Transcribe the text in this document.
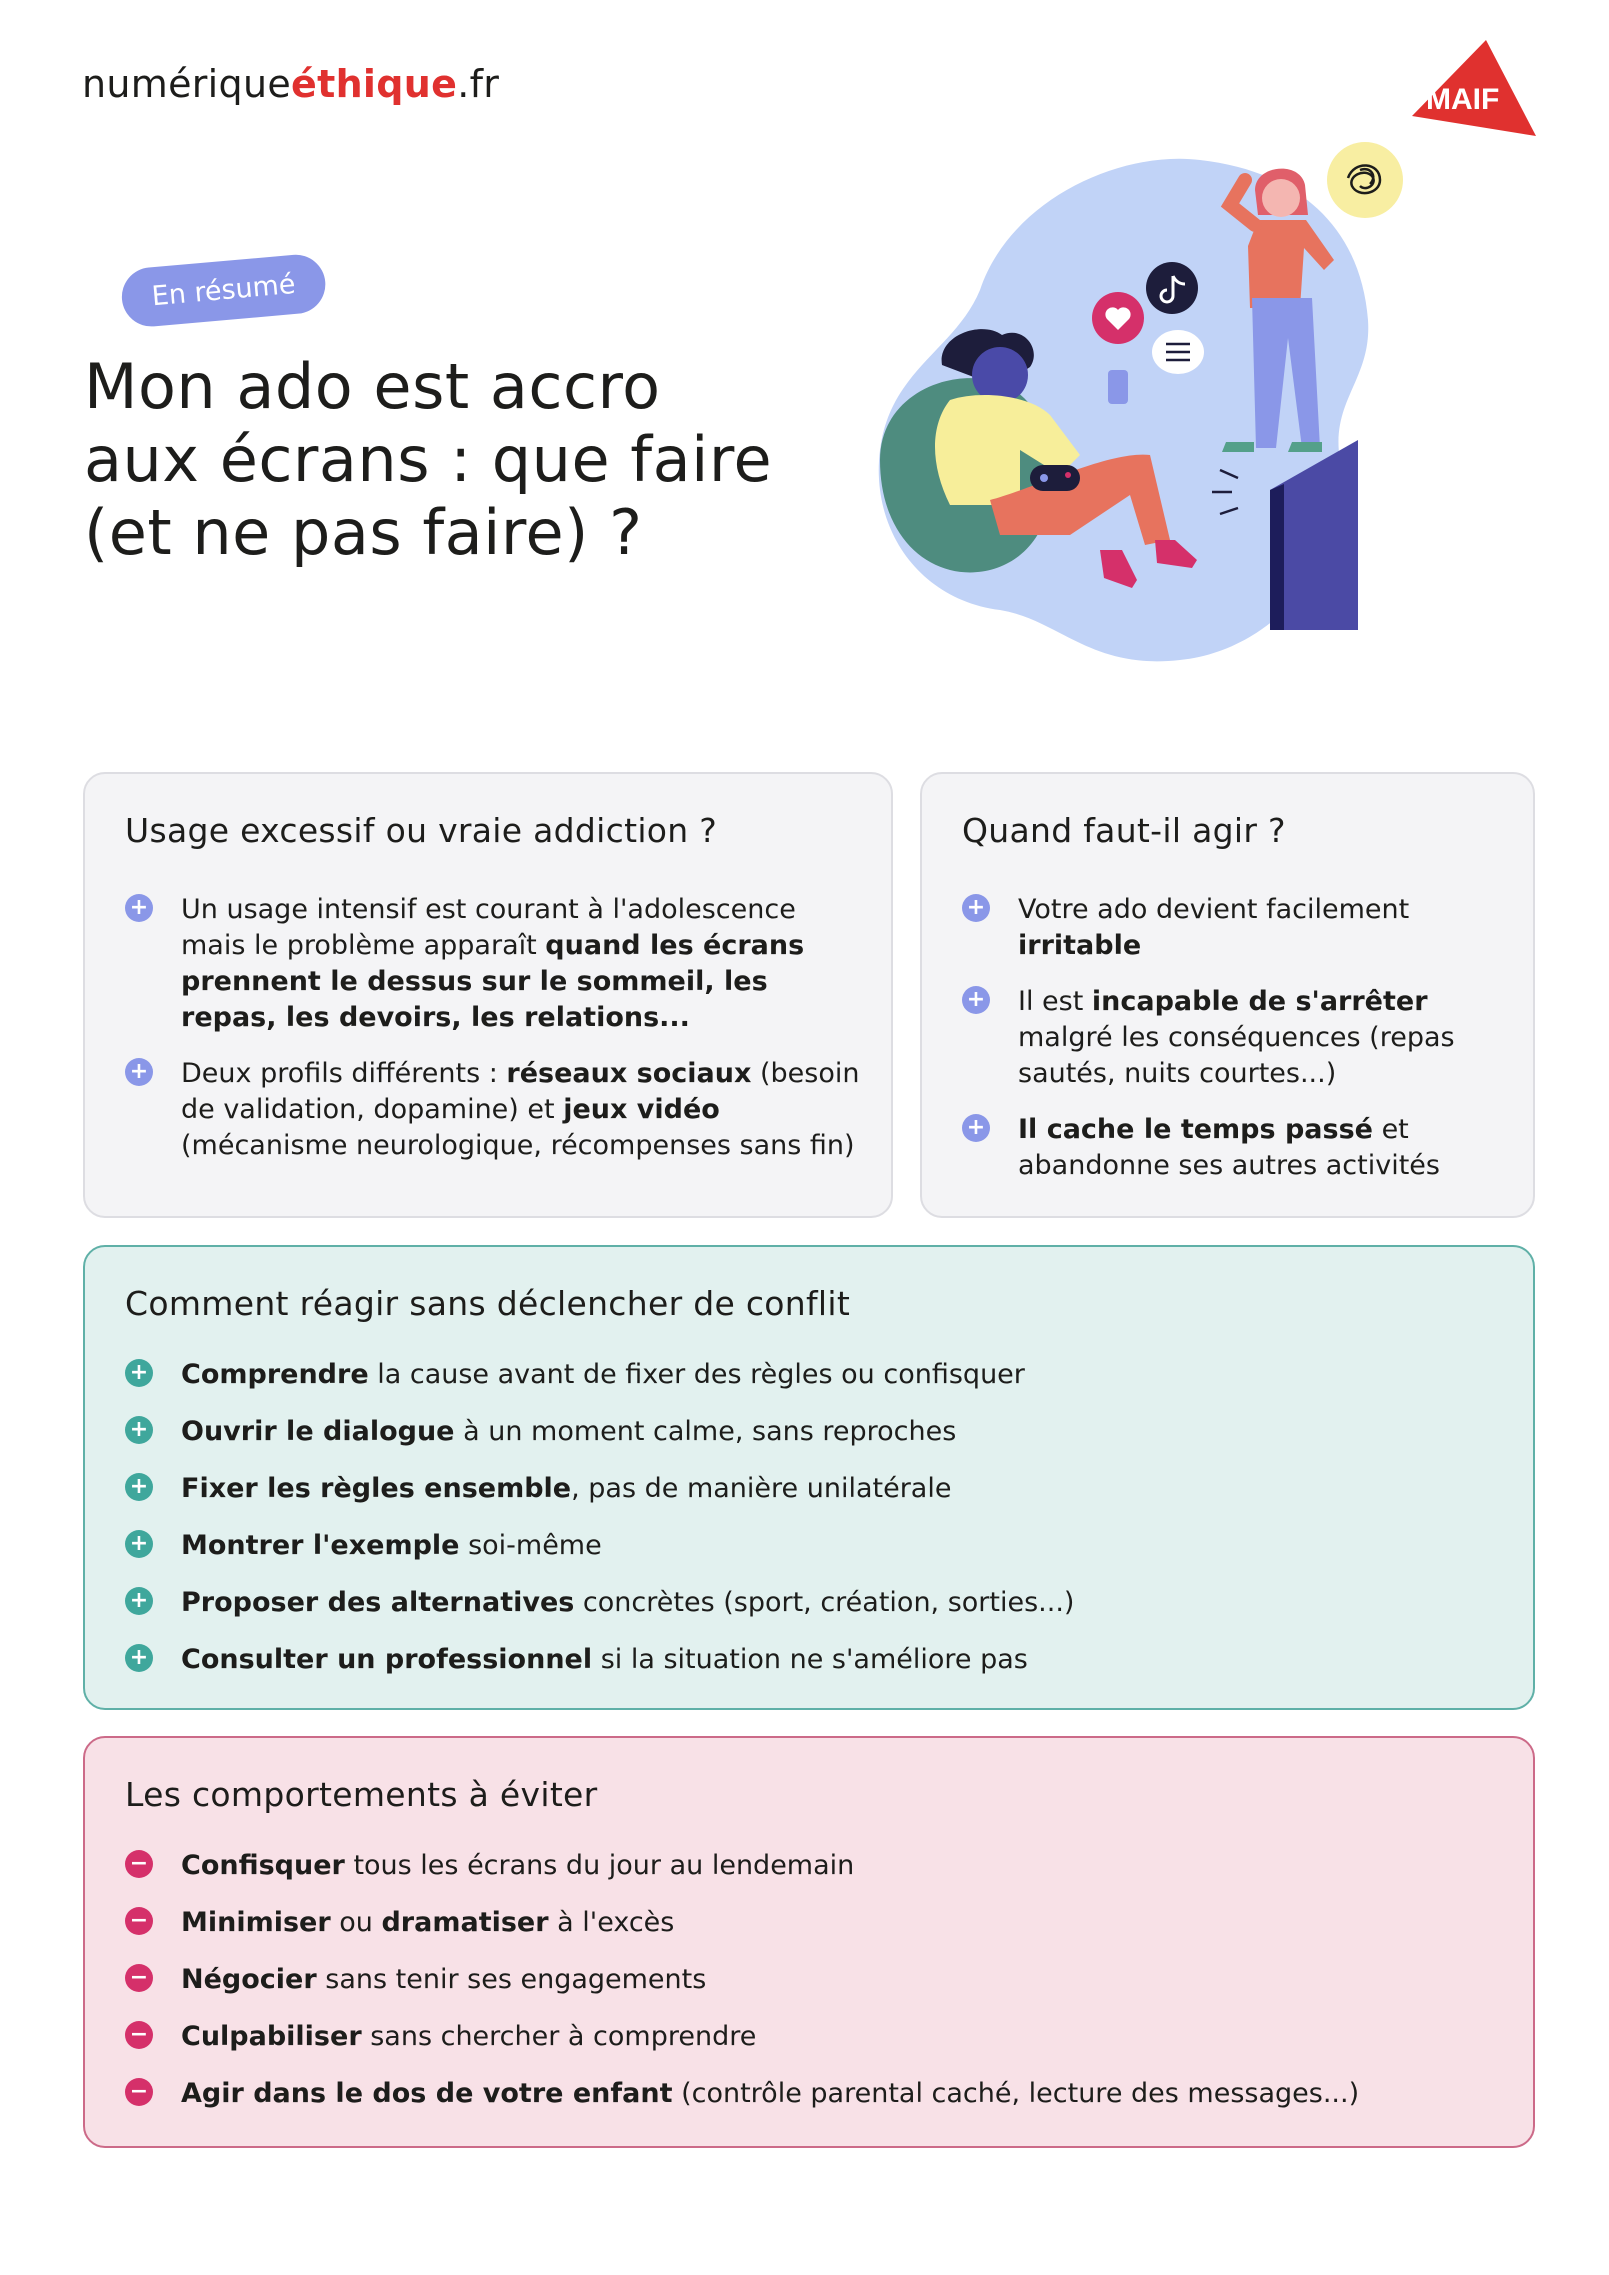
numériqueéthique.fr	MAIF
En résumé
Mon ado est accro
aux écrans : que faire
(et ne pas faire) ?
Usage excessif ou vraie addiction ?
+ Un usage intensif est courant à l'adolescence mais le problème apparaît quand les écrans prennent le dessus sur le sommeil, les repas, les devoirs, les relations...
+ Deux profils différents : réseaux sociaux (besoin de validation, dopamine) et jeux vidéo (mécanisme neurologique, récompenses sans fin)
Quand faut-il agir ?
+ Votre ado devient facilement irritable
+ Il est incapable de s'arrêter malgré les conséquences (repas sautés, nuits courtes...)
+ Il cache le temps passé et abandonne ses autres activités
Comment réagir sans déclencher de conflit
+ Comprendre la cause avant de fixer des règles ou confisquer
+ Ouvrir le dialogue à un moment calme, sans reproches
+ Fixer les règles ensemble, pas de manière unilatérale
+ Montrer l'exemple soi-même
+ Proposer des alternatives concrètes (sport, création, sorties...)
+ Consulter un professionnel si la situation ne s'améliore pas
Les comportements à éviter
− Confisquer tous les écrans du jour au lendemain
− Minimiser ou dramatiser à l'excès
− Négocier sans tenir ses engagements
− Culpabiliser sans chercher à comprendre
− Agir dans le dos de votre enfant (contrôle parental caché, lecture des messages...)
